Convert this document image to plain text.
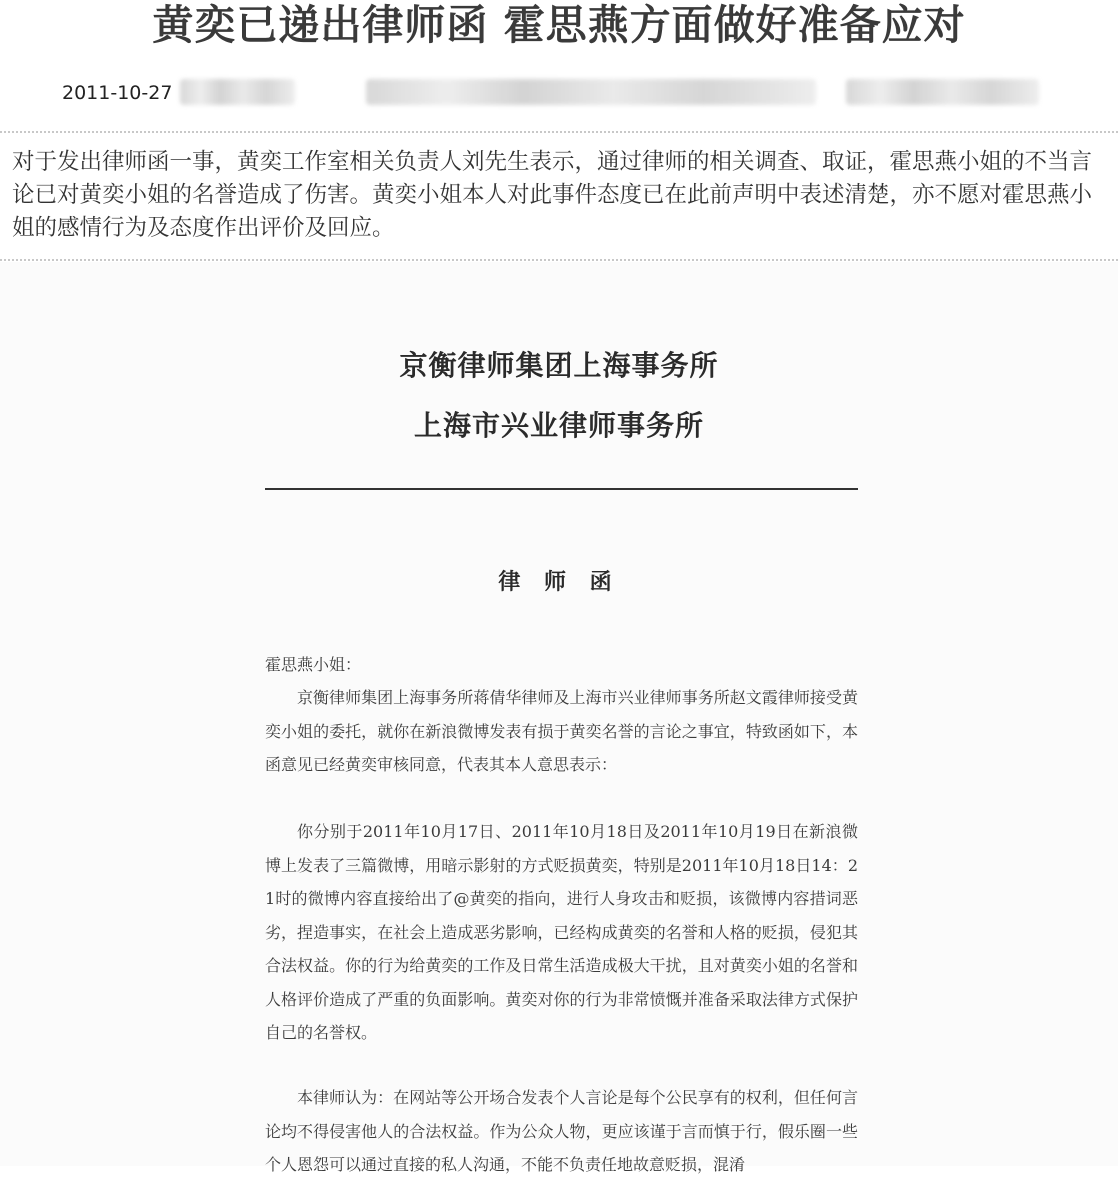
黄奕已递出律师函 霍思燕方面做好准备应对
2011-10-27
对于发出律师函一事，黄奕工作室相关负责人刘先生表示，通过律师的相关调查、取证，霍思燕小姐的不当言论已对黄奕小姐的名誉造成了伤害。黄奕小姐本人对此事件态度已在此前声明中表述清楚，亦不愿对霍思燕小姐的感情行为及态度作出评价及回应。
京衡律师集团上海事务所
上海市兴业律师事务所
律 师 函
霍思燕小姐：
京衡律师集团上海事务所蒋倩华律师及上海市兴业律师事务所赵文霞律师接受黄奕小姐的委托，就你在新浪微博发表有损于黄奕名誉的言论之事宜，特致函如下，本函意见已经黄奕审核同意，代表其本人意思表示：
你分别于2011年10月17日、2011年10月18日及2011年10月19日在新浪微博上发表了三篇微博，用暗示影射的方式贬损黄奕，特别是2011年10月18日14：21时的微博内容直接给出了@黄奕的指向，进行人身攻击和贬损，该微博内容措词恶劣，捏造事实，在社会上造成恶劣影响，已经构成黄奕的名誉和人格的贬损，侵犯其合法权益。你的行为给黄奕的工作及日常生活造成极大干扰，且对黄奕小姐的名誉和人格评价造成了严重的负面影响。黄奕对你的行为非常愤慨并准备采取法律方式保护自己的名誉权。
本律师认为：在网站等公开场合发表个人言论是每个公民享有的权利，但任何言论均不得侵害他人的合法权益。作为公众人物，更应该谨于言而慎于行，假乐圈一些个人恩怨可以通过直接的私人沟通，不能不负责任地故意贬损，混淆
